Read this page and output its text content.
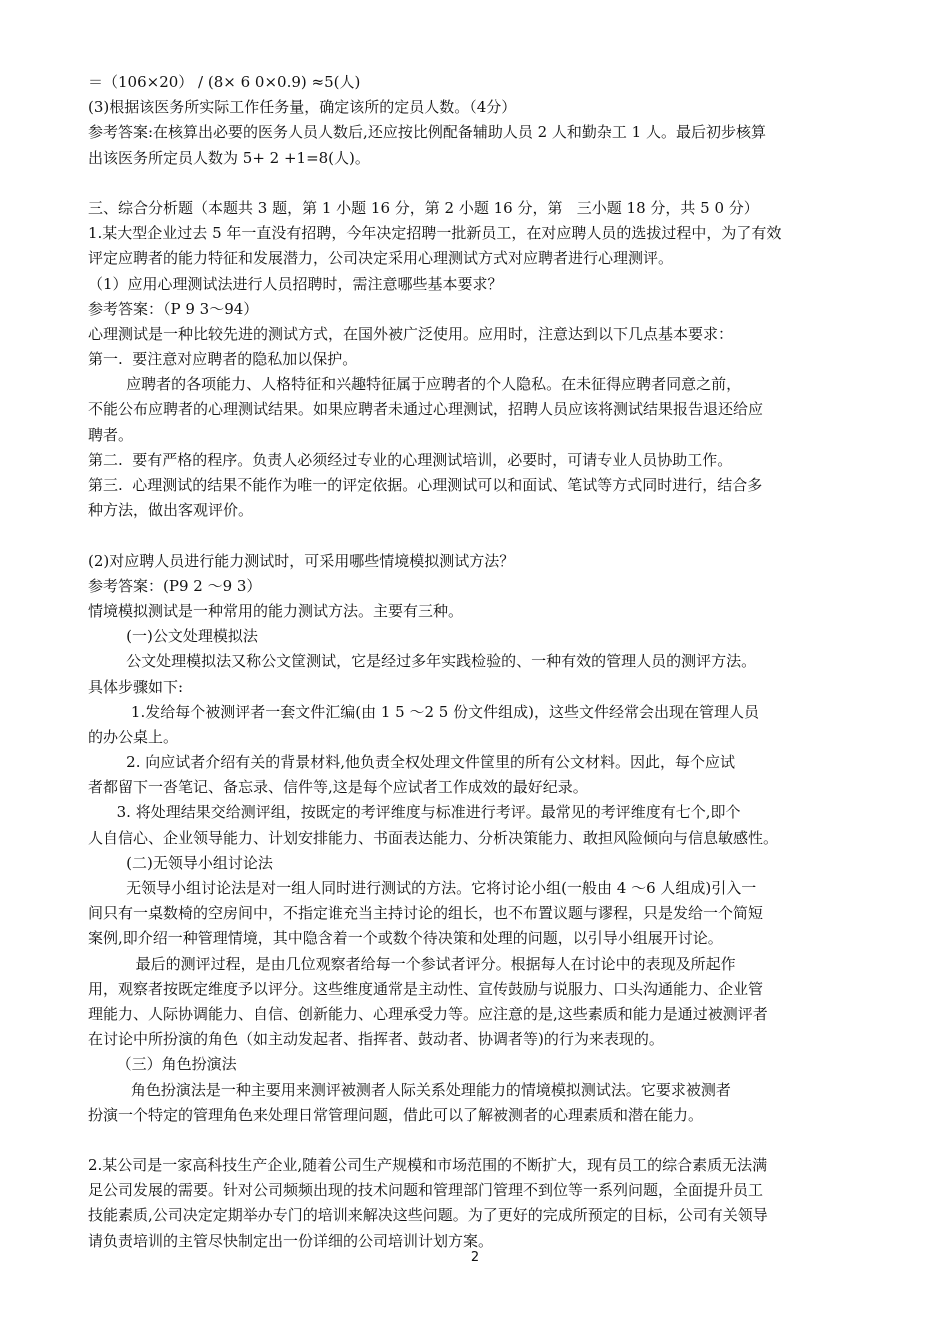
＝（106×20） / (8× 6 0×0.9) ≈5(人)

(3)根据该医务所实际工作任务量，确定该所的定员人数。（4分）

参考答案:在核算出必要的医务人员人数后,还应按比例配备辅助人员 2 人和勤杂工 1 人。最后初步核算

出该医务所定员人数为 5+ 2 +1=8(人)。

三、综合分析题（本题共 3 题，第 1 小题 16 分，第 2 小题 16 分，第   三小题 18 分，共 5 0 分）

1.某大型企业过去 5 年一直没有招聘，今年决定招聘一批新员工，在对应聘人员的选拔过程中，为了有效

评定应聘者的能力特征和发展潜力，公司决定采用心理测试方式对应聘者进行心理测评。

（1）应用心理测试法进行人员招聘时，需注意哪些基本要求？

参考答案：（P 9 3～94）

心理测试是一种比较先进的测试方式，在国外被广泛使用。应用时，注意达到以下几点基本要求：

第一.  要注意对应聘者的隐私加以保护。

应聘者的各项能力、人格特征和兴趣特征属于应聘者的个人隐私。在未征得应聘者同意之前，

不能公布应聘者的心理测试结果。如果应聘者未通过心理测试，招聘人员应该将测试结果报告退还给应

聘者。

第二.  要有严格的程序。负责人必须经过专业的心理测试培训，必要时，可请专业人员协助工作。

第三.  心理测试的结果不能作为唯一的评定依据。心理测试可以和面试、笔试等方式同时进行，结合多

种方法，做出客观评价。

(2)对应聘人员进行能力测试时，可采用哪些情境模拟测试方法？

参考答案：(P9 2 ～9 3）

情境模拟测试是一种常用的能力测试方法。主要有三种。

(一)公文处理模拟法

公文处理模拟法又称公文筐测试，它是经过多年实践检验的、一种有效的管理人员的测评方法。

具体步骤如下:

1.发给每个被测评者一套文件汇编(由 1 5 ～2 5 份文件组成)，这些文件经常会出现在管理人员

的办公桌上。

2. 向应试者介绍有关的背景材料,他负责全权处理文件筐里的所有公文材料。因此，每个应试

者都留下一沓笔记、备忘录、信件等,这是每个应试者工作成效的最好纪录。

3. 将处理结果交给测评组，按既定的考评维度与标准进行考评。最常见的考评维度有七个,即个

人自信心、企业领导能力、计划安排能力、书面表达能力、分析决策能力、敢担风险倾向与信息敏感性。

(二)无领导小组讨论法

无领导小组讨论法是对一组人同时进行测试的方法。它将讨论小组(一般由 4 ～6 人组成)引入一

间只有一桌数椅的空房间中，不指定谁充当主持讨论的组长，也不布置议题与谬程，只是发给一个简短

案例,即介绍一种管理情境，其中隐含着一个或数个待决策和处理的问题，以引导小组展开讨论。

最后的测评过程，是由几位观察者给每一个参试者评分。根据每人在讨论中的表现及所起作

用，观察者按既定维度予以评分。这些维度通常是主动性、宣传鼓励与说服力、口头沟通能力、企业管

理能力、人际协调能力、自信、创新能力、心理承受力等。应注意的是,这些素质和能力是通过被测评者

在讨论中所扮演的角色（如主动发起者、指挥者、鼓动者、协调者等)的行为来表现的。

（三）角色扮演法

角色扮演法是一种主要用来测评被测者人际关系处理能力的情境模拟测试法。它要求被测者

扮演一个特定的管理角色来处理日常管理问题，借此可以了解被测者的心理素质和潜在能力。

2.某公司是一家高科技生产企业,随着公司生产规模和市场范围的不断扩大，现有员工的综合素质无法满

足公司发展的需要。针对公司频频出现的技术问题和管理部门管理不到位等一系列问题，全面提升员工

技能素质,公司决定定期举办专门的培训来解决这些问题。为了更好的完成所预定的目标，公司有关领导

请负责培训的主管尽快制定出一份详细的公司培训计划方案。

2
